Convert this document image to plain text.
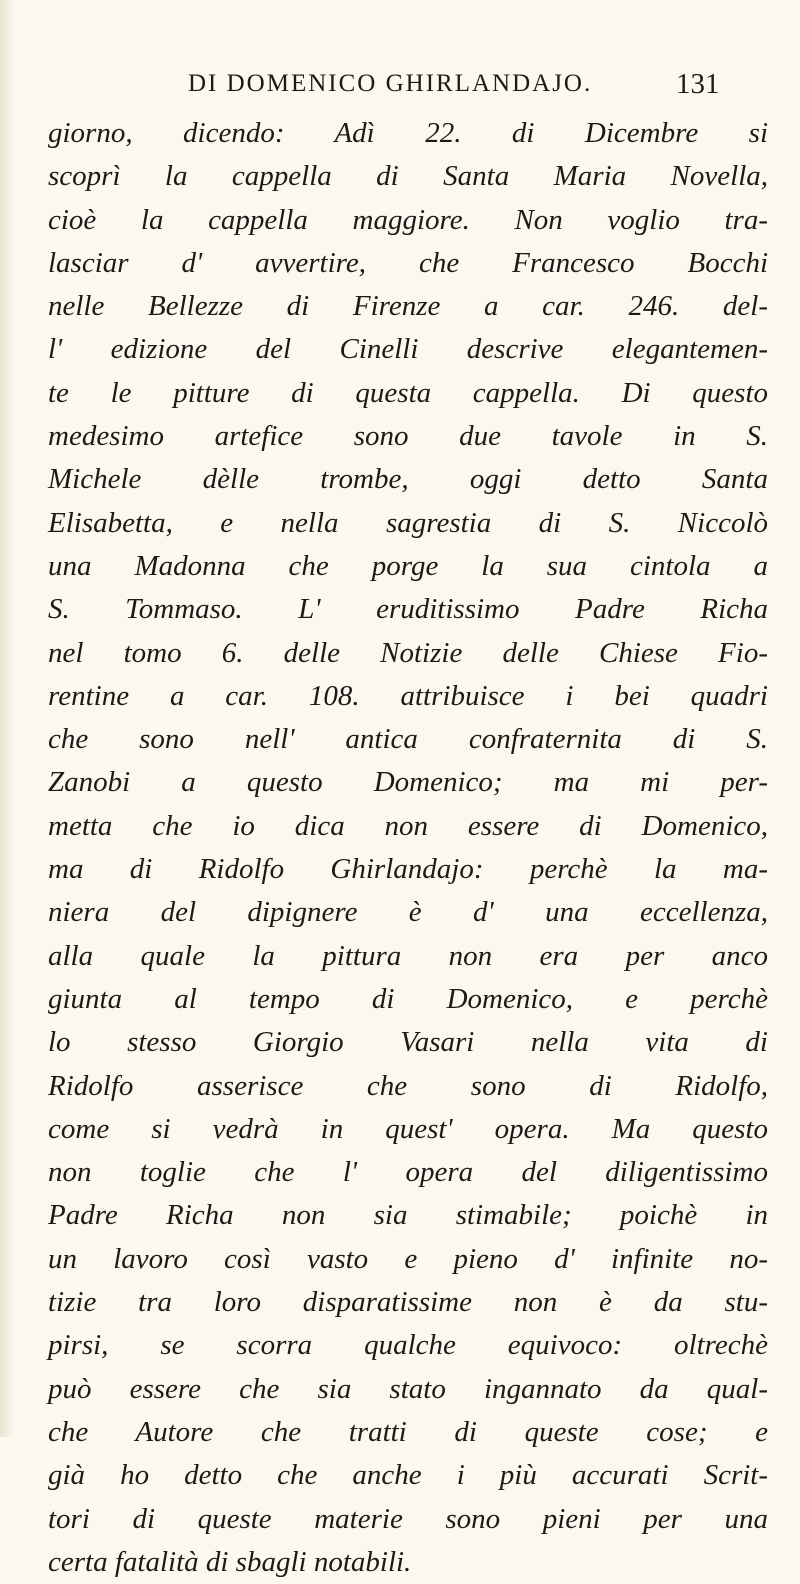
DI DOMENICO GHIRLANDAJO.	131
giorno, dicendo: Adì 22. di Dicembre si
scoprì la cappella di Santa Maria Novella,
cioè la cappella maggiore. Non voglio tra-
lasciar d' avvertire, che Francesco Bocchi
nelle Bellezze di Firenze a car. 246. del-
l' edizione del Cinelli descrive elegantemen-
te le pitture di questa cappella. Di questo
medesimo artefice sono due tavole in S.
Michele dèlle trombe, oggi detto Santa
Elisabetta, e nella sagrestia di S. Niccolò
una Madonna che porge la sua cintola a
S. Tommaso. L' eruditissimo Padre Richa
nel tomo 6. delle Notizie delle Chiese Fio-
rentine a car. 108. attribuisce i bei quadri
che sono nell' antica confraternita di S.
Zanobi a questo Domenico; ma mi per-
metta che io dica non essere di Domenico,
ma di Ridolfo Ghirlandajo: perchè la ma-
niera del dipignere è d' una eccellenza,
alla quale la pittura non era per anco
giunta al tempo di Domenico, e perchè
lo stesso Giorgio Vasari nella vita di
Ridolfo asserisce che sono di Ridolfo,
come si vedrà in quest' opera. Ma questo
non toglie che l' opera del diligentissimo
Padre Richa non sia stimabile; poichè in
un lavoro così vasto e pieno d' infinite no-
tizie tra loro disparatissime non è da stu-
pirsi, se scorra qualche equivoco: oltrechè
può essere che sia stato ingannato da qual-
che Autore che tratti di queste cose; e
già ho detto che anche i più accurati Scrit-
tori di queste materie sono pieni per una
certa fatalità di sbagli notabili.
